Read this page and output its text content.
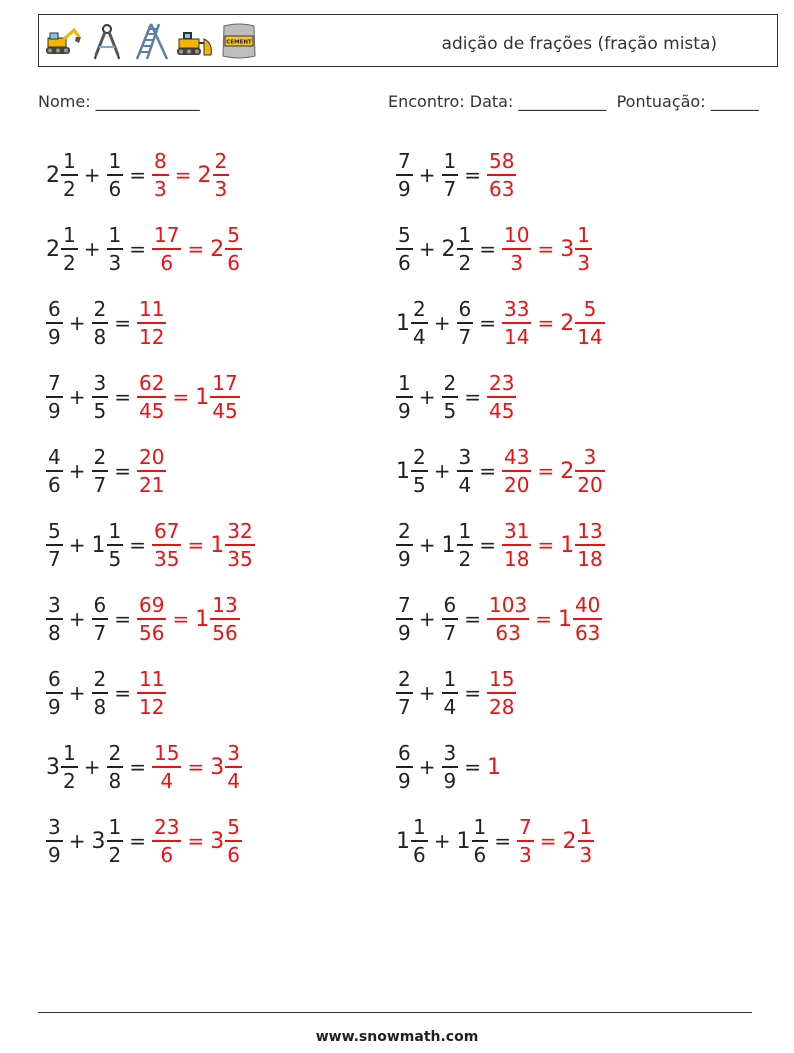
CEMENT	adição de frações (fração mista)
Nome: _____________	Encontro: Data: ___________  Pontuação: ______
$2 \frac{1}{2} + \frac{1}{6} = \frac{8}{3} = 2 \frac{2}{3}$	$\frac{7}{9} + \frac{1}{7} = \frac{58}{63}$
$2 \frac{1}{2} + \frac{1}{3} = \frac{17}{6} = 2 \frac{5}{6}$	$\frac{5}{6} + 2 \frac{1}{2} = \frac{10}{3} = 3 \frac{1}{3}$
$\frac{6}{9} + \frac{2}{8} = \frac{11}{12}$	$1 \frac{2}{4} + \frac{6}{7} = \frac{33}{14} = 2 \frac{5}{14}$
$\frac{7}{9} + \frac{3}{5} = \frac{62}{45} = 1 \frac{17}{45}$	$\frac{1}{9} + \frac{2}{5} = \frac{23}{45}$
$\frac{4}{6} + \frac{2}{7} = \frac{20}{21}$	$1 \frac{2}{5} + \frac{3}{4} = \frac{43}{20} = 2 \frac{3}{20}$
$\frac{5}{7} + 1 \frac{1}{5} = \frac{67}{35} = 1 \frac{32}{35}$	$\frac{2}{9} + 1 \frac{1}{2} = \frac{31}{18} = 1 \frac{13}{18}$
$\frac{3}{8} + \frac{6}{7} = \frac{69}{56} = 1 \frac{13}{56}$	$\frac{7}{9} + \frac{6}{7} = \frac{103}{63} = 1 \frac{40}{63}$
$\frac{6}{9} + \frac{2}{8} = \frac{11}{12}$	$\frac{2}{7} + \frac{1}{4} = \frac{15}{28}$
$3 \frac{1}{2} + \frac{2}{8} = \frac{15}{4} = 3 \frac{3}{4}$	$\frac{6}{9} + \frac{3}{9} = 1$
$\frac{3}{9} + 3 \frac{1}{2} = \frac{23}{6} = 3 \frac{5}{6}$	$1 \frac{1}{6} + 1 \frac{1}{6} = \frac{7}{3} = 2 \frac{1}{3}$
www.snowmath.com
